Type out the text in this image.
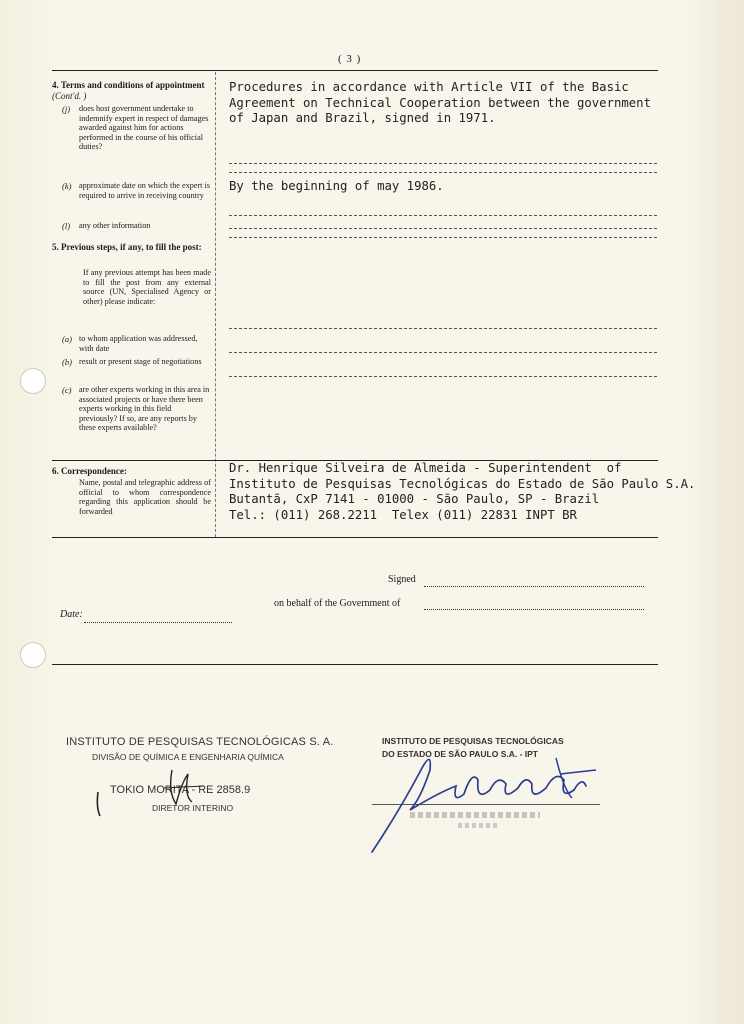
( 3 )
4. Terms and conditions of appointment (Cont'd. )
(j) does host government undertake to indemnify expert in respect of damages awarded against him for actions performed in the course of his official duties?
Procedures in accordance with Article VII of the Basic
Agreement on Technical Cooperation between the government
of Japan and Brazil, signed in 1971.
(k) approximate date on which the expert is required to arrive in receiving country
By the beginning of may 1986.
(l) any other information
5. Previous steps, if any, to fill the post:
If any previous attempt has been made to fill the post from any external source (UN, Specialised Agency or other) please indicate:
(a) to whom application was addressed, with date
(b) result or present stage of negotiations
(c) are other experts working in this area in associated projects or have there been experts working in this field previously? If so, are any reports by these experts available?
6. Correspondence:
Name, postal and telegraphic address of official to whom correspondence regarding this application should be forwarded
Dr. Henrique Silveira de Almeida - Superintendent  of
Instituto de Pesquisas Tecnológicas do Estado de São Paulo S.A.
Butantã, CxP 7141 - 01000 - São Paulo, SP - Brazil
Tel.: (011) 268.2211  Telex (011) 22831 INPT BR
Signed
on behalf of the Government of
Date:
INSTITUTO DE PESQUISAS TECNOLÓGICAS S. A.
DIVISÃO DE QUÍMICA E ENGENHARIA QUÍMICA
TOKIO MORITA - RE 2858.9
DIRETOR INTERINO
INSTITUTO DE PESQUISAS TECNOLÓGICAS
DO ESTADO DE SÃO PAULO S.A. - IPT
